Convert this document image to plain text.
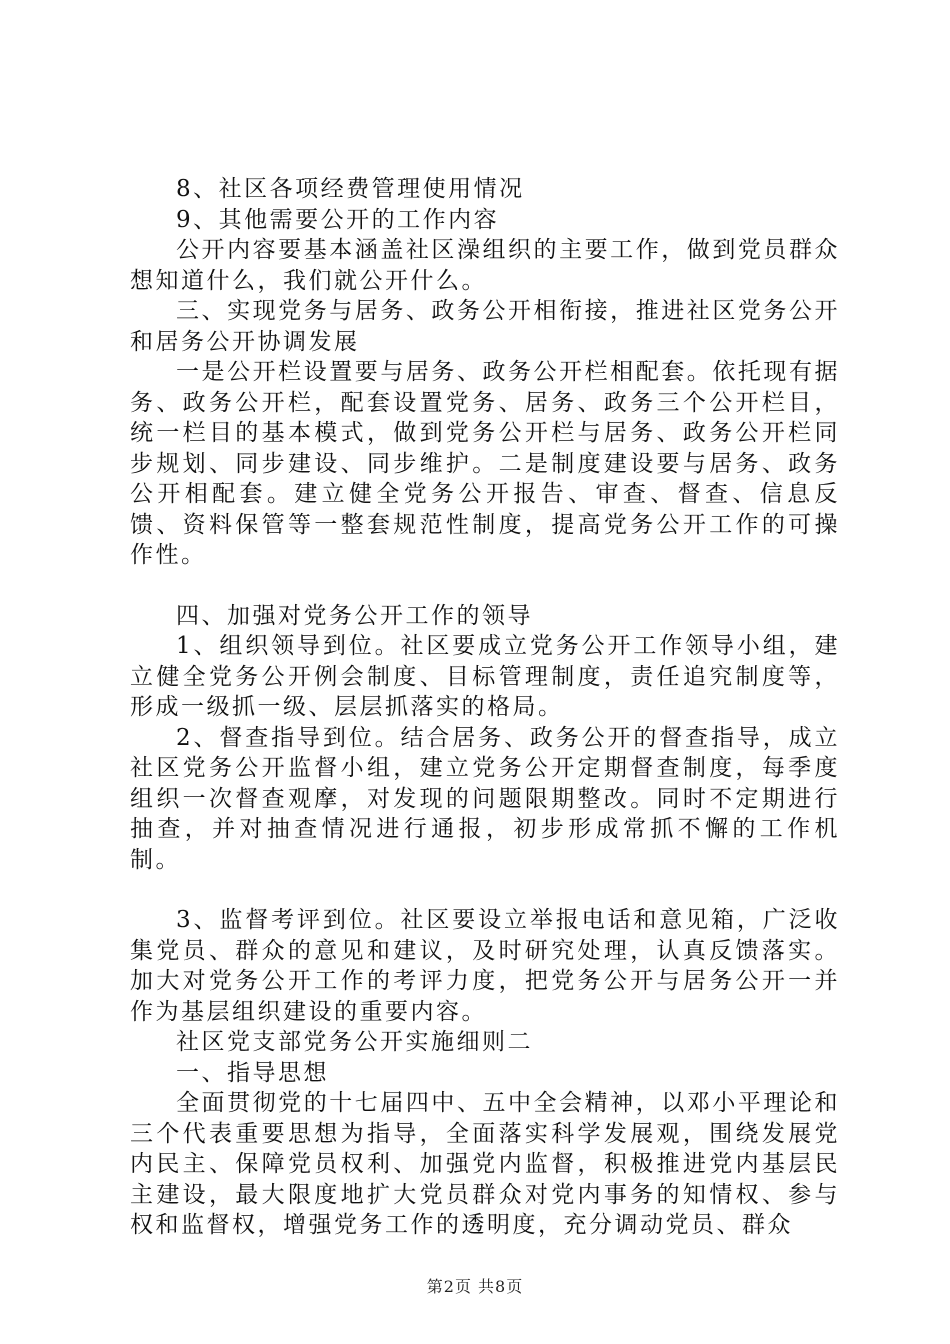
8、社区各项经费管理使用情况

9、其他需要公开的工作内容

公开内容要基本涵盖社区澡组织的主要工作，做到党员群众想知道什么，我们就公开什么。

三、实现党务与居务、政务公开相衔接，推进社区党务公开和居务公开协调发展

一是公开栏设置要与居务、政务公开栏相配套。依托现有据务、政务公开栏，配套设置党务、居务、政务三个公开栏目，统一栏目的基本模式，做到党务公开栏与居务、政务公开栏同步规划、同步建设、同步维护。二是制度建设要与居务、政务公开相配套。建立健全党务公开报告、审查、督查、信息反馈、资料保管等一整套规范性制度，提高党务公开工作的可操作性。

四、加强对党务公开工作的领导

1、组织领导到位。社区要成立党务公开工作领导小组，建立健全党务公开例会制度、目标管理制度，责任追究制度等，形成一级抓一级、层层抓落实的格局。

2、督查指导到位。结合居务、政务公开的督查指导，成立社区党务公开监督小组，建立党务公开定期督查制度，每季度组织一次督查观摩，对发现的问题限期整改。同时不定期进行抽查，并对抽查情况进行通报，初步形成常抓不懈的工作机制。

3、监督考评到位。社区要设立举报电话和意见箱，广泛收集党员、群众的意见和建议，及时研究处理，认真反馈落实。加大对党务公开工作的考评力度，把党务公开与居务公开一并作为基层组织建设的重要内容。

社区党支部党务公开实施细则二

一、指导思想

全面贯彻党的十七届四中、五中全会精神，以邓小平理论和三个代表重要思想为指导，全面落实科学发展观，围绕发展党内民主、保障党员权利、加强党内监督，积极推进党内基层民主建设，最大限度地扩大党员群众对党内事务的知情权、参与权和监督权，增强党务工作的透明度，充分调动党员、群众

第2页 共8页
